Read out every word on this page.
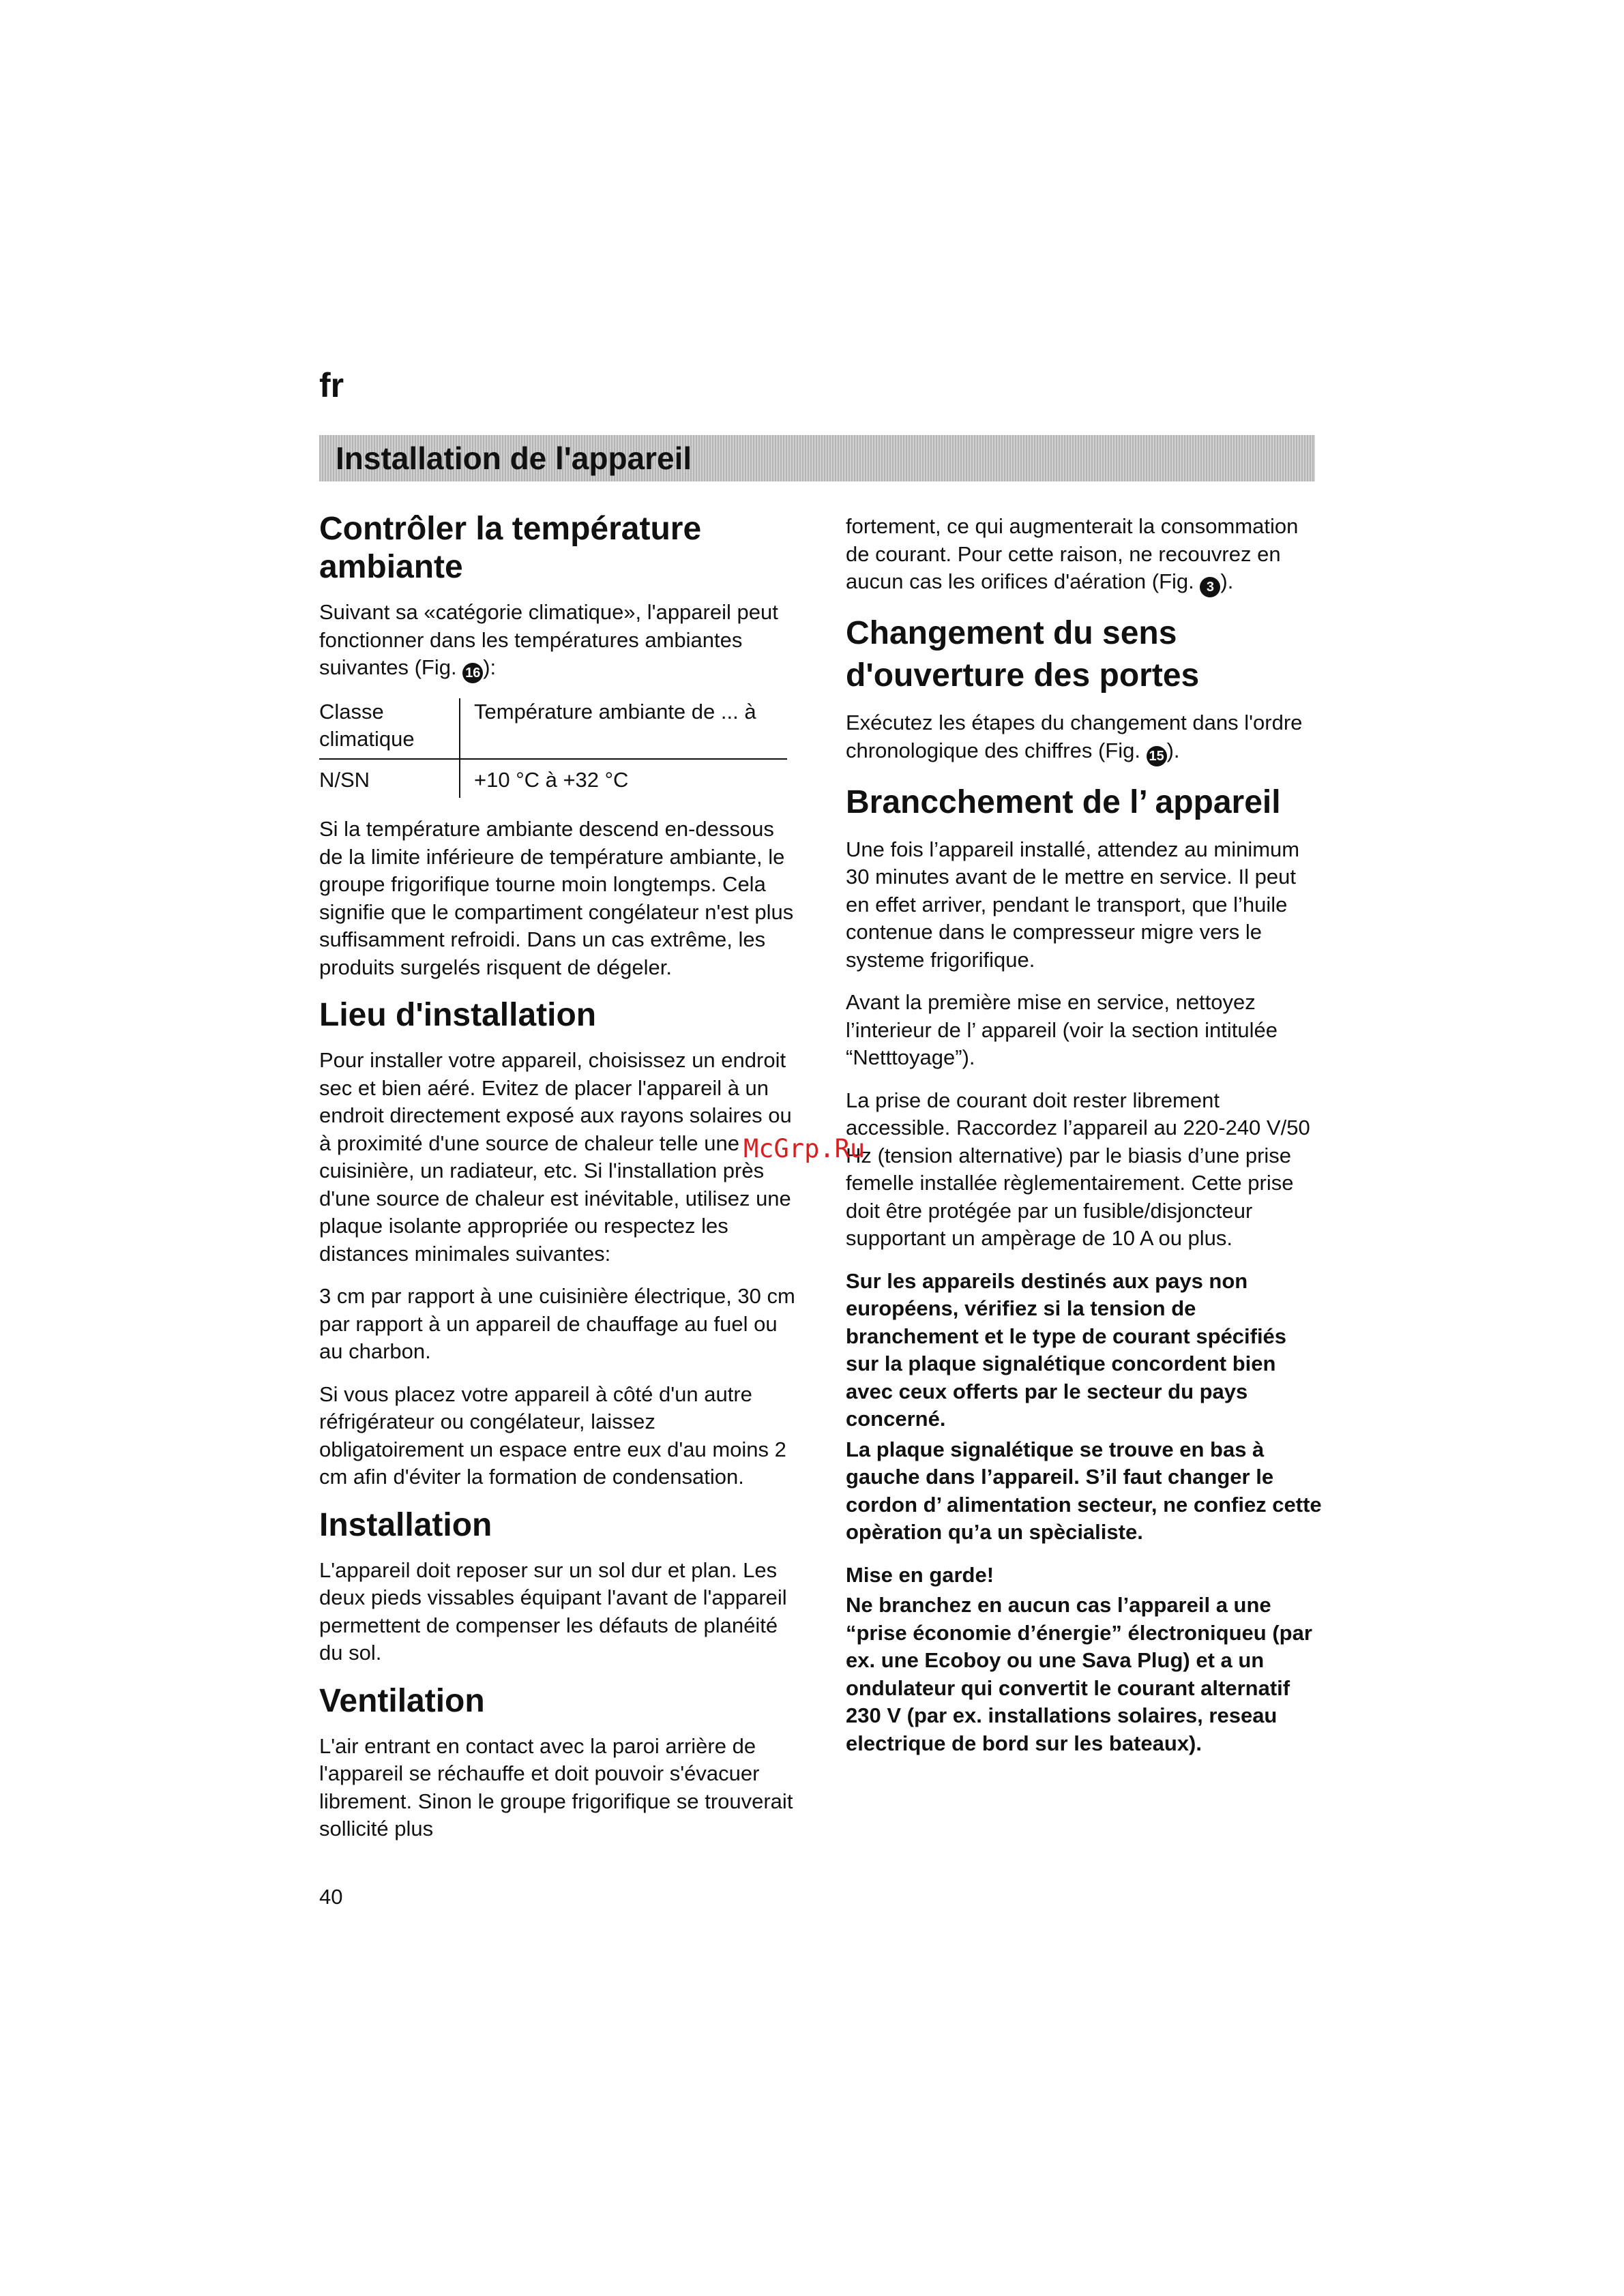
fr
Installation de l'appareil
Contrôler la température ambiante

Suivant sa «catégorie climatique», l'appareil peut fonctionner dans les températures ambiantes suivantes (Fig. 16 ):

Classe climatique	Température ambiante de ... à
N/SN	+10 °C à +32 °C

Si la température ambiante descend en-dessous de la limite inférieure de température ambiante, le groupe frigorifique tourne moin longtemps. Cela signifie que le compartiment congélateur n'est plus suffisamment refroidi. Dans un cas extrême, les produits surgelés risquent de dégeler.

Lieu d'installation

Pour installer votre appareil, choisissez un endroit sec et bien aéré. Evitez de placer l'appareil à un endroit directement exposé aux rayons solaires ou à proximité d'une source de chaleur telle une cuisinière, un radiateur, etc. Si l'installation près d'une source de chaleur est inévitable, utilisez une plaque isolante appropriée ou respectez les distances minimales suivantes:

3 cm par rapport à une cuisinière électrique, 30 cm par rapport à un appareil de chauffage au fuel ou au charbon.

Si vous placez votre appareil à côté d'un autre réfrigérateur ou congélateur, laissez obligatoirement un espace entre eux d'au moins 2 cm afin d'éviter la formation de condensation.

Installation

L'appareil doit reposer sur un sol dur et plan. Les deux pieds vissables équipant l'avant de l'appareil permettent de compenser les défauts de planéité du sol.

Ventilation

L'air entrant en contact avec la paroi arrière de l'appareil se réchauffe et doit pouvoir s'évacuer librement. Sinon le groupe frigorifique se trouverait sollicité plus

fortement, ce qui augmenterait la consommation de courant. Pour cette raison, ne recouvrez en aucun cas les orifices d'aération (Fig. 3 ).

Changement du sens d'ouverture des portes

Exécutez les étapes du changement dans l'ordre chronologique des chiffres (Fig. 15 ).

Brancchement de l’ appareil

Une fois l’appareil installé, attendez au minimum 30 minutes avant de le mettre en service. Il peut en effet arriver, pendant le transport, que l’huile contenue dans le compresseur migre vers le systeme frigorifique.

Avant la première mise en service, nettoyez l’interieur de l’ appareil (voir la section intitulée “Netttoyage”).

La prise de courant doit rester librement accessible. Raccordez l’appareil au 220-240 V/50 Hz (tension alternative) par le biasis d’une prise femelle installée règlementairement. Cette prise doit être protégée par un fusible/disjoncteur supportant un ampèrage de 10 A ou plus.

Sur les appareils destinés aux pays non européens, vérifiez si la tension de branchement et le type de courant spécifiés sur la plaque signalétique concordent bien avec ceux offerts par le secteur du pays concerné.

La plaque signalétique se trouve en bas à gauche dans l’appareil. S’il faut changer le cordon d’ alimentation secteur, ne confiez cette opèration qu’a un spècialiste.

Mise en garde!

Ne branchez en aucun cas l’appareil a une “prise économie d’énergie” électroniqueu (par ex. une Ecoboy ou une Sava Plug) et a un ondulateur qui convertit le courant alternatif 230 V (par ex. installations solaires, reseau electrique de bord sur les bateaux).

40
McGrp.Ru
